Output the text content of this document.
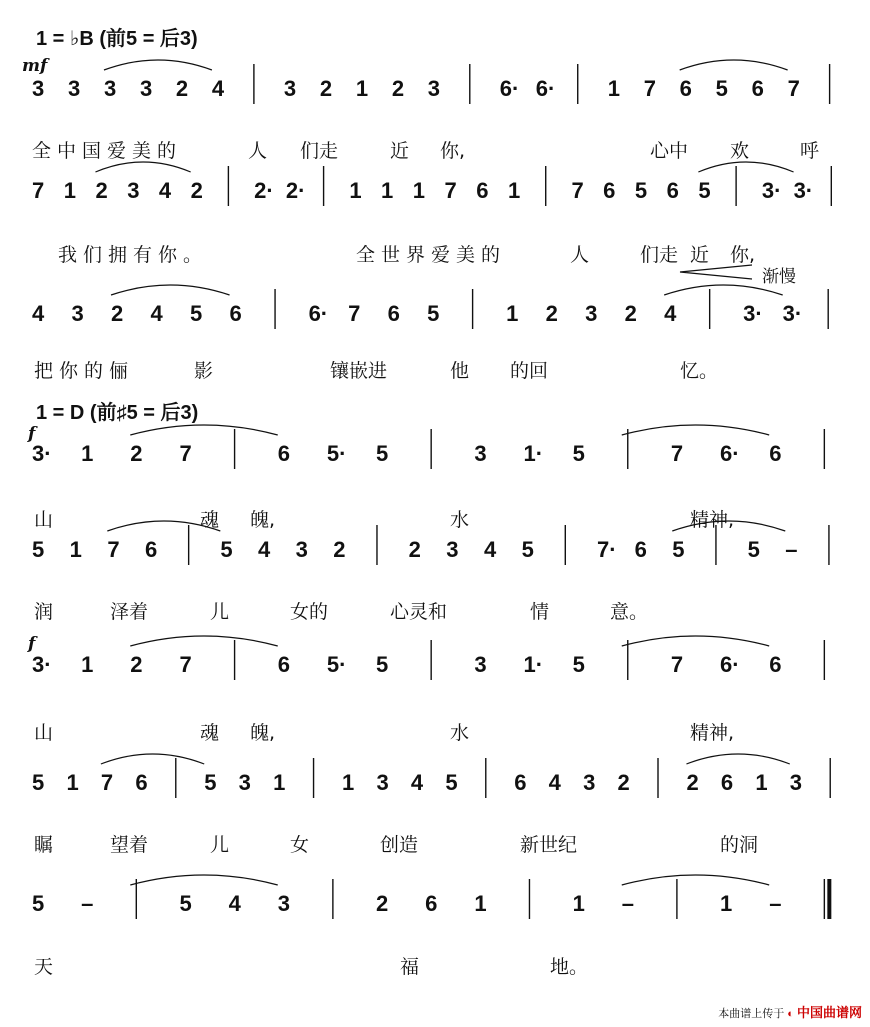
3 3 3 3 2 4	3 2 1 2 3	6· 6· 1 7 6 5 6 7
7 1 2 3 4 2 2· 2· 1 1 1 7 6 1 7 6 5 6 5 3· 3·
4 3 2 4 5 6	6· 7 6 5	1 2 3 2 4	3· 3·
3· 1 2 7	6 5· 5	3 1· 5	7 6· 6
5 1 7 6	5 4 3 2	2 3 4 5	7· 6 5	5 –
3· 1 2 7	6 5· 5	3 1· 5	7 6· 6
5 1 7 6	5 3 1	1 3 4 5	6 4 3 2	2 6 1 3
5 –	5 4 3	2 6 1	1 –	1 –
1 = ♭B (前5 = 后3)
mf
1 = D (前♯5 = 后3)
f
f
渐慢
本曲谱上传于 ◐ 中国曲谱网
全中国爱美的	人 们走	近 你,	心中 欢	呼
我们拥有你。	全世界爱美的	人	们走 近 你,
把你的俪	影	镶嵌进	他 的回	忆。
山	魂 魄,	水	精神,
润	泽着	儿	女的	心灵和	情	意。
山	魂 魄,	水	精神,
瞩	望着	儿	女	创造	新世纪	的洞
天	福	地。
